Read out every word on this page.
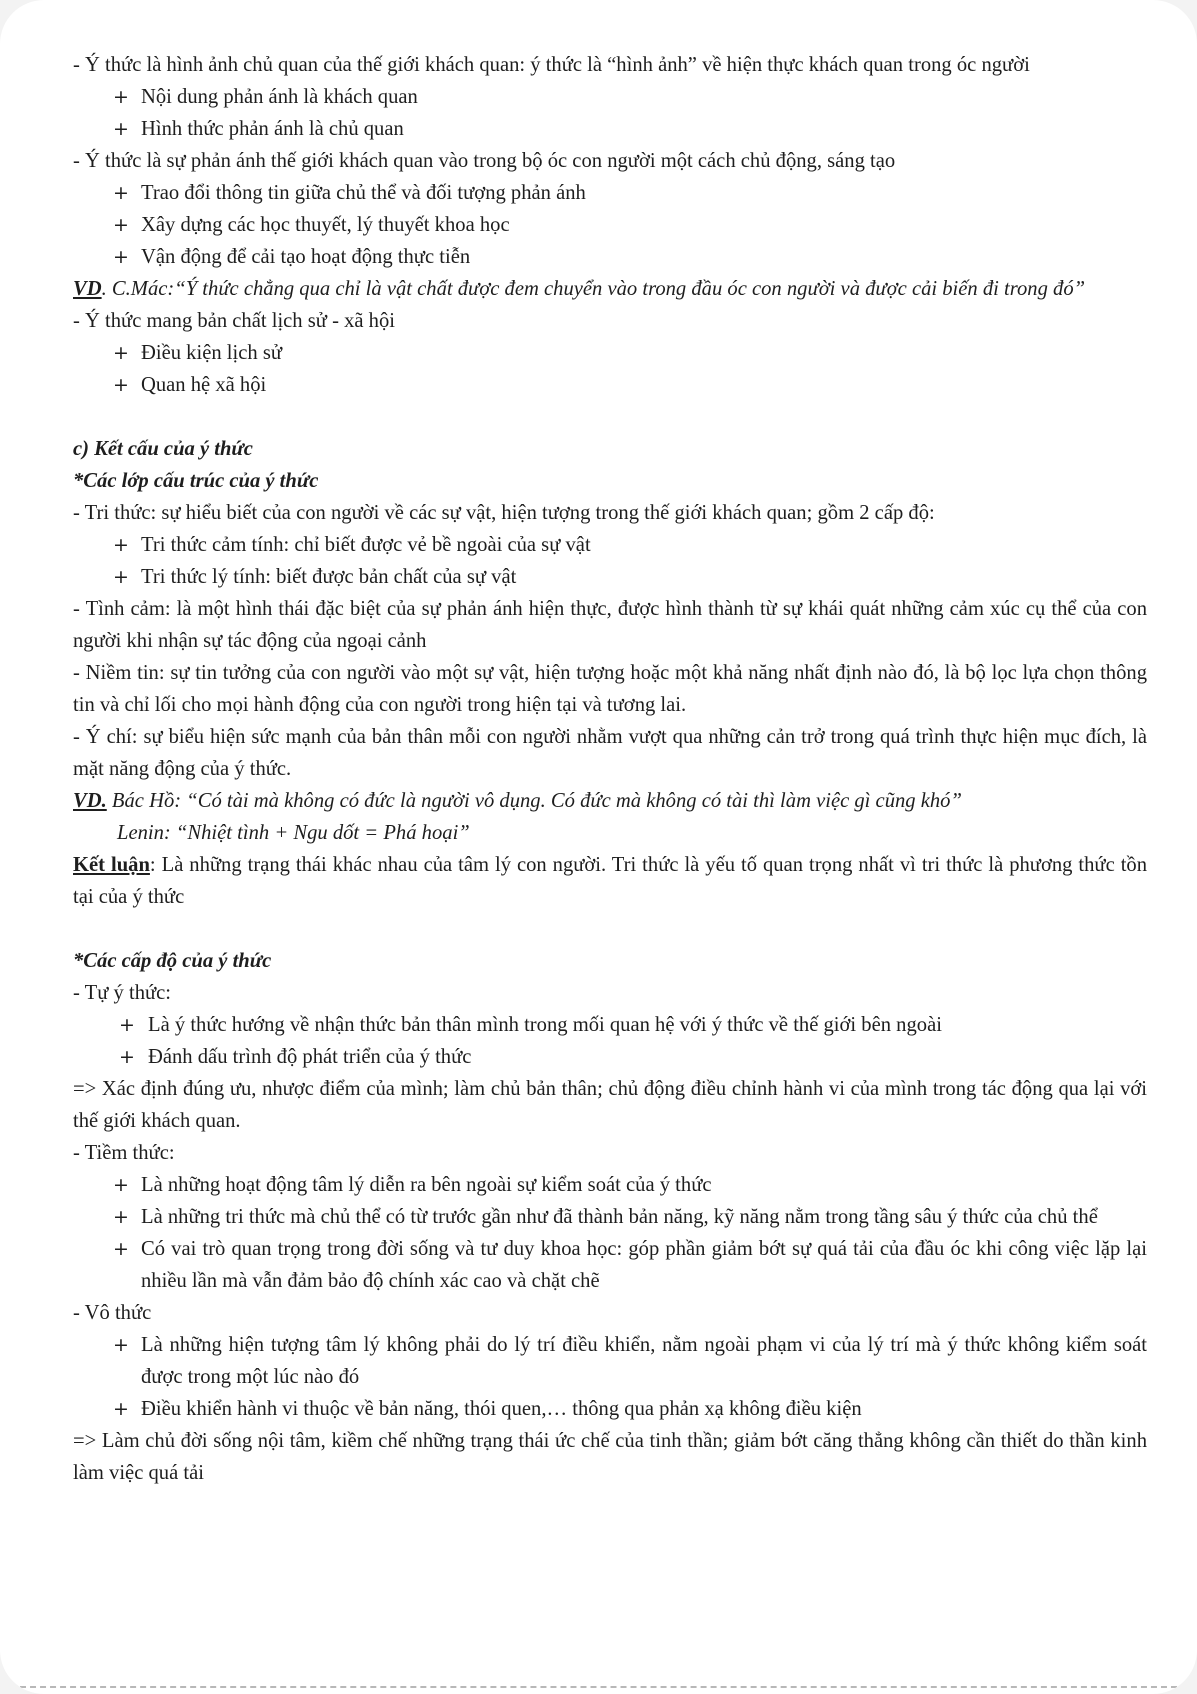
- Ý thức là hình ảnh chủ quan của thế giới khách quan: ý thức là “hình ảnh” về hiện thực khách quan trong óc người
+ Nội dung phản ánh là khách quan
+ Hình thức phản ánh là chủ quan
- Ý thức là sự phản ánh thế giới khách quan vào trong bộ óc con người một cách chủ động, sáng tạo
+ Trao đổi thông tin giữa chủ thể và đối tượng phản ánh
+ Xây dựng các học thuyết, lý thuyết khoa học
+ Vận động để cải tạo hoạt động thực tiễn
VD. C.Mác:“Ý thức chẳng qua chỉ là vật chất được đem chuyển vào trong đầu óc con người và được cải biến đi trong đó”
- Ý thức mang bản chất lịch sử - xã hội
+ Điều kiện lịch sử
+ Quan hệ xã hội
c) Kết cấu của ý thức
*Các lớp cấu trúc của ý thức
- Tri thức: sự hiểu biết của con người về các sự vật, hiện tượng trong thế giới khách quan; gồm 2 cấp độ:
+ Tri thức cảm tính: chỉ biết được vẻ bề ngoài của sự vật
+ Tri thức lý tính: biết được bản chất của sự vật
- Tình cảm: là một hình thái đặc biệt của sự phản ánh hiện thực, được hình thành từ sự khái quát những cảm xúc cụ thể của con người khi nhận sự tác động của ngoại cảnh
- Niềm tin: sự tin tưởng của con người vào một sự vật, hiện tượng hoặc một khả năng nhất định nào đó, là bộ lọc lựa chọn thông tin và chỉ lối cho mọi hành động của con người trong hiện tại và tương lai.
- Ý chí: sự biểu hiện sức mạnh của bản thân mỗi con người nhằm vượt qua những cản trở trong quá trình thực hiện mục đích, là mặt năng động của ý thức.
VD. Bác Hồ: “Có tài mà không có đức là người vô dụng. Có đức mà không có tài thì làm việc gì cũng khó”
Lenin: “Nhiệt tình + Ngu dốt = Phá hoại”
Kết luận: Là những trạng thái khác nhau của tâm lý con người. Tri thức là yếu tố quan trọng nhất vì tri thức là phương thức tồn tại của ý thức
*Các cấp độ của ý thức
- Tự ý thức:
+ Là ý thức hướng về nhận thức bản thân mình trong mối quan hệ với ý thức về thế giới bên ngoài
+ Đánh dấu trình độ phát triển của ý thức
=> Xác định đúng ưu, nhược điểm của mình; làm chủ bản thân; chủ động điều chỉnh hành vi của mình trong tác động qua lại với thế giới khách quan.
- Tiềm thức:
+ Là những hoạt động tâm lý diễn ra bên ngoài sự kiểm soát của ý thức
+ Là những tri thức mà chủ thể có từ trước gần như đã thành bản năng, kỹ năng nằm trong tầng sâu ý thức của chủ thể
+ Có vai trò quan trọng trong đời sống và tư duy khoa học: góp phần giảm bớt sự quá tải của đầu óc khi công việc lặp lại nhiều lần mà vẫn đảm bảo độ chính xác cao và chặt chẽ
- Vô thức
+ Là những hiện tượng tâm lý không phải do lý trí điều khiển, nằm ngoài phạm vi của lý trí mà ý thức không kiểm soát được trong một lúc nào đó
+ Điều khiển hành vi thuộc về bản năng, thói quen,… thông qua phản xạ không điều kiện
=> Làm chủ đời sống nội tâm, kiềm chế những trạng thái ức chế của tinh thần; giảm bớt căng thẳng không cần thiết do thần kinh làm việc quá tải
